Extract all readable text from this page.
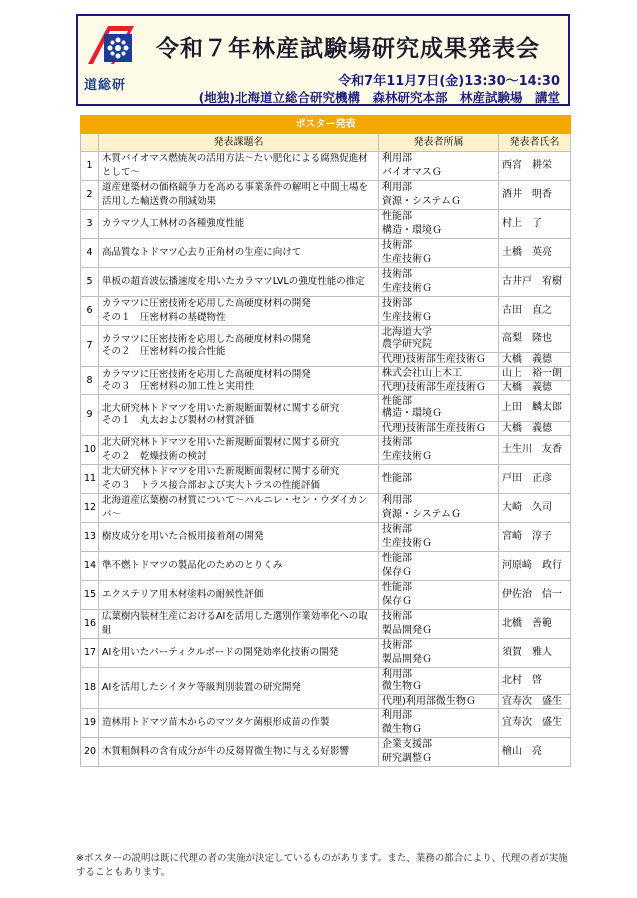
道総研
令和７年林産試験場研究成果発表会
令和7年11月7日(金)13:30～14:30
(地独)北海道立総合研究機構　森林研究本部　林産試験場　講堂
ポスター発表			
	発表課題名	発表者所属	発表者氏名
1	木質バイオマス燃焼灰の活用方法～たい肥化による腐熟促進材として～	利用部
バイオマスＧ	西宮　耕栄
2	道産建築材の価格競争力を高める事業条件の解明と中間土場を活用した輸送費の削減効果	利用部
資源・システムＧ	酒井　明香
3	カラマツ人工林材の各種強度性能	性能部
構造・環境Ｇ	村上　了
4	高品質なトドマツ心去り正角材の生産に向けて	技術部
生産技術Ｇ	土橋　英亮
5	単板の超音波伝播速度を用いたカラマツLVLの強度性能の推定	技術部
生産技術Ｇ	古井戸　宥樹
6	カラマツに圧密技術を応用した高硬度材料の開発
その１　圧密材料の基礎物性	技術部
生産技術Ｇ	古田　直之
7	カラマツに圧密技術を応用した高硬度材料の開発
その２　圧密材料の接合性能	北海道大学
農学研究院	高梨　隆也
		代理)技術部生産技術Ｇ	大橋　義德
8	カラマツに圧密技術を応用した高硬度材料の開発
その３　圧密材料の加工性と実用性	株式会社山上木工	山上　裕一朗
		代理)技術部生産技術Ｇ	大橋　義德
9	北大研究林トドマツを用いた新規断面製材に関する研究
その１　丸太および製材の材質評価	性能部
構造・環境Ｇ	上田　麟太郎
		代理)技術部生産技術Ｇ	大橋　義德
10	北大研究林トドマツを用いた新規断面製材に関する研究
その２　乾燥技術の検討	技術部
生産技術Ｇ	土生川　友香
11	北大研究林トドマツを用いた新規断面製材に関する研究
その３　トラス接合部および実大トラスの性能評価	性能部	戸田　正彦
12	北海道産広葉樹の材質について～ハルニレ・セン・ウダイカンバ～	利用部
資源・システムＧ	大崎　久司
13	樹皮成分を用いた合板用接着剤の開発	技術部
生産技術Ｇ	宮崎　淳子
14	準不燃トドマツの製品化のためのとりくみ	性能部
保存Ｇ	河原﨑　政行
15	エクステリア用木材塗料の耐候性評価	性能部
保存Ｇ	伊佐治　信一
16	広葉樹内装材生産におけるAIを活用した選別作業効率化への取組	技術部
製品開発Ｇ	北橋　善範
17	AIを用いたパーティクルボードの開発効率化技術の開発	技術部
製品開発Ｇ	須賀　雅人
18	AIを活用したシイタケ等級判別装置の研究開発	利用部
微生物Ｇ	北村　啓
		代理)利用部微生物Ｇ	宜寿次　盛生
19	造林用トドマツ苗木からのマツタケ菌根形成苗の作製	利用部
微生物Ｇ	宜寿次　盛生
20	木質粗飼料の含有成分が牛の反芻胃微生物に与える好影響	企業支援部
研究調整Ｇ	檜山　亮
※ポスターの説明は既に代理の者の実施が決定しているものがあります。また、業務の都合により、代理の者が実施することもあります。
